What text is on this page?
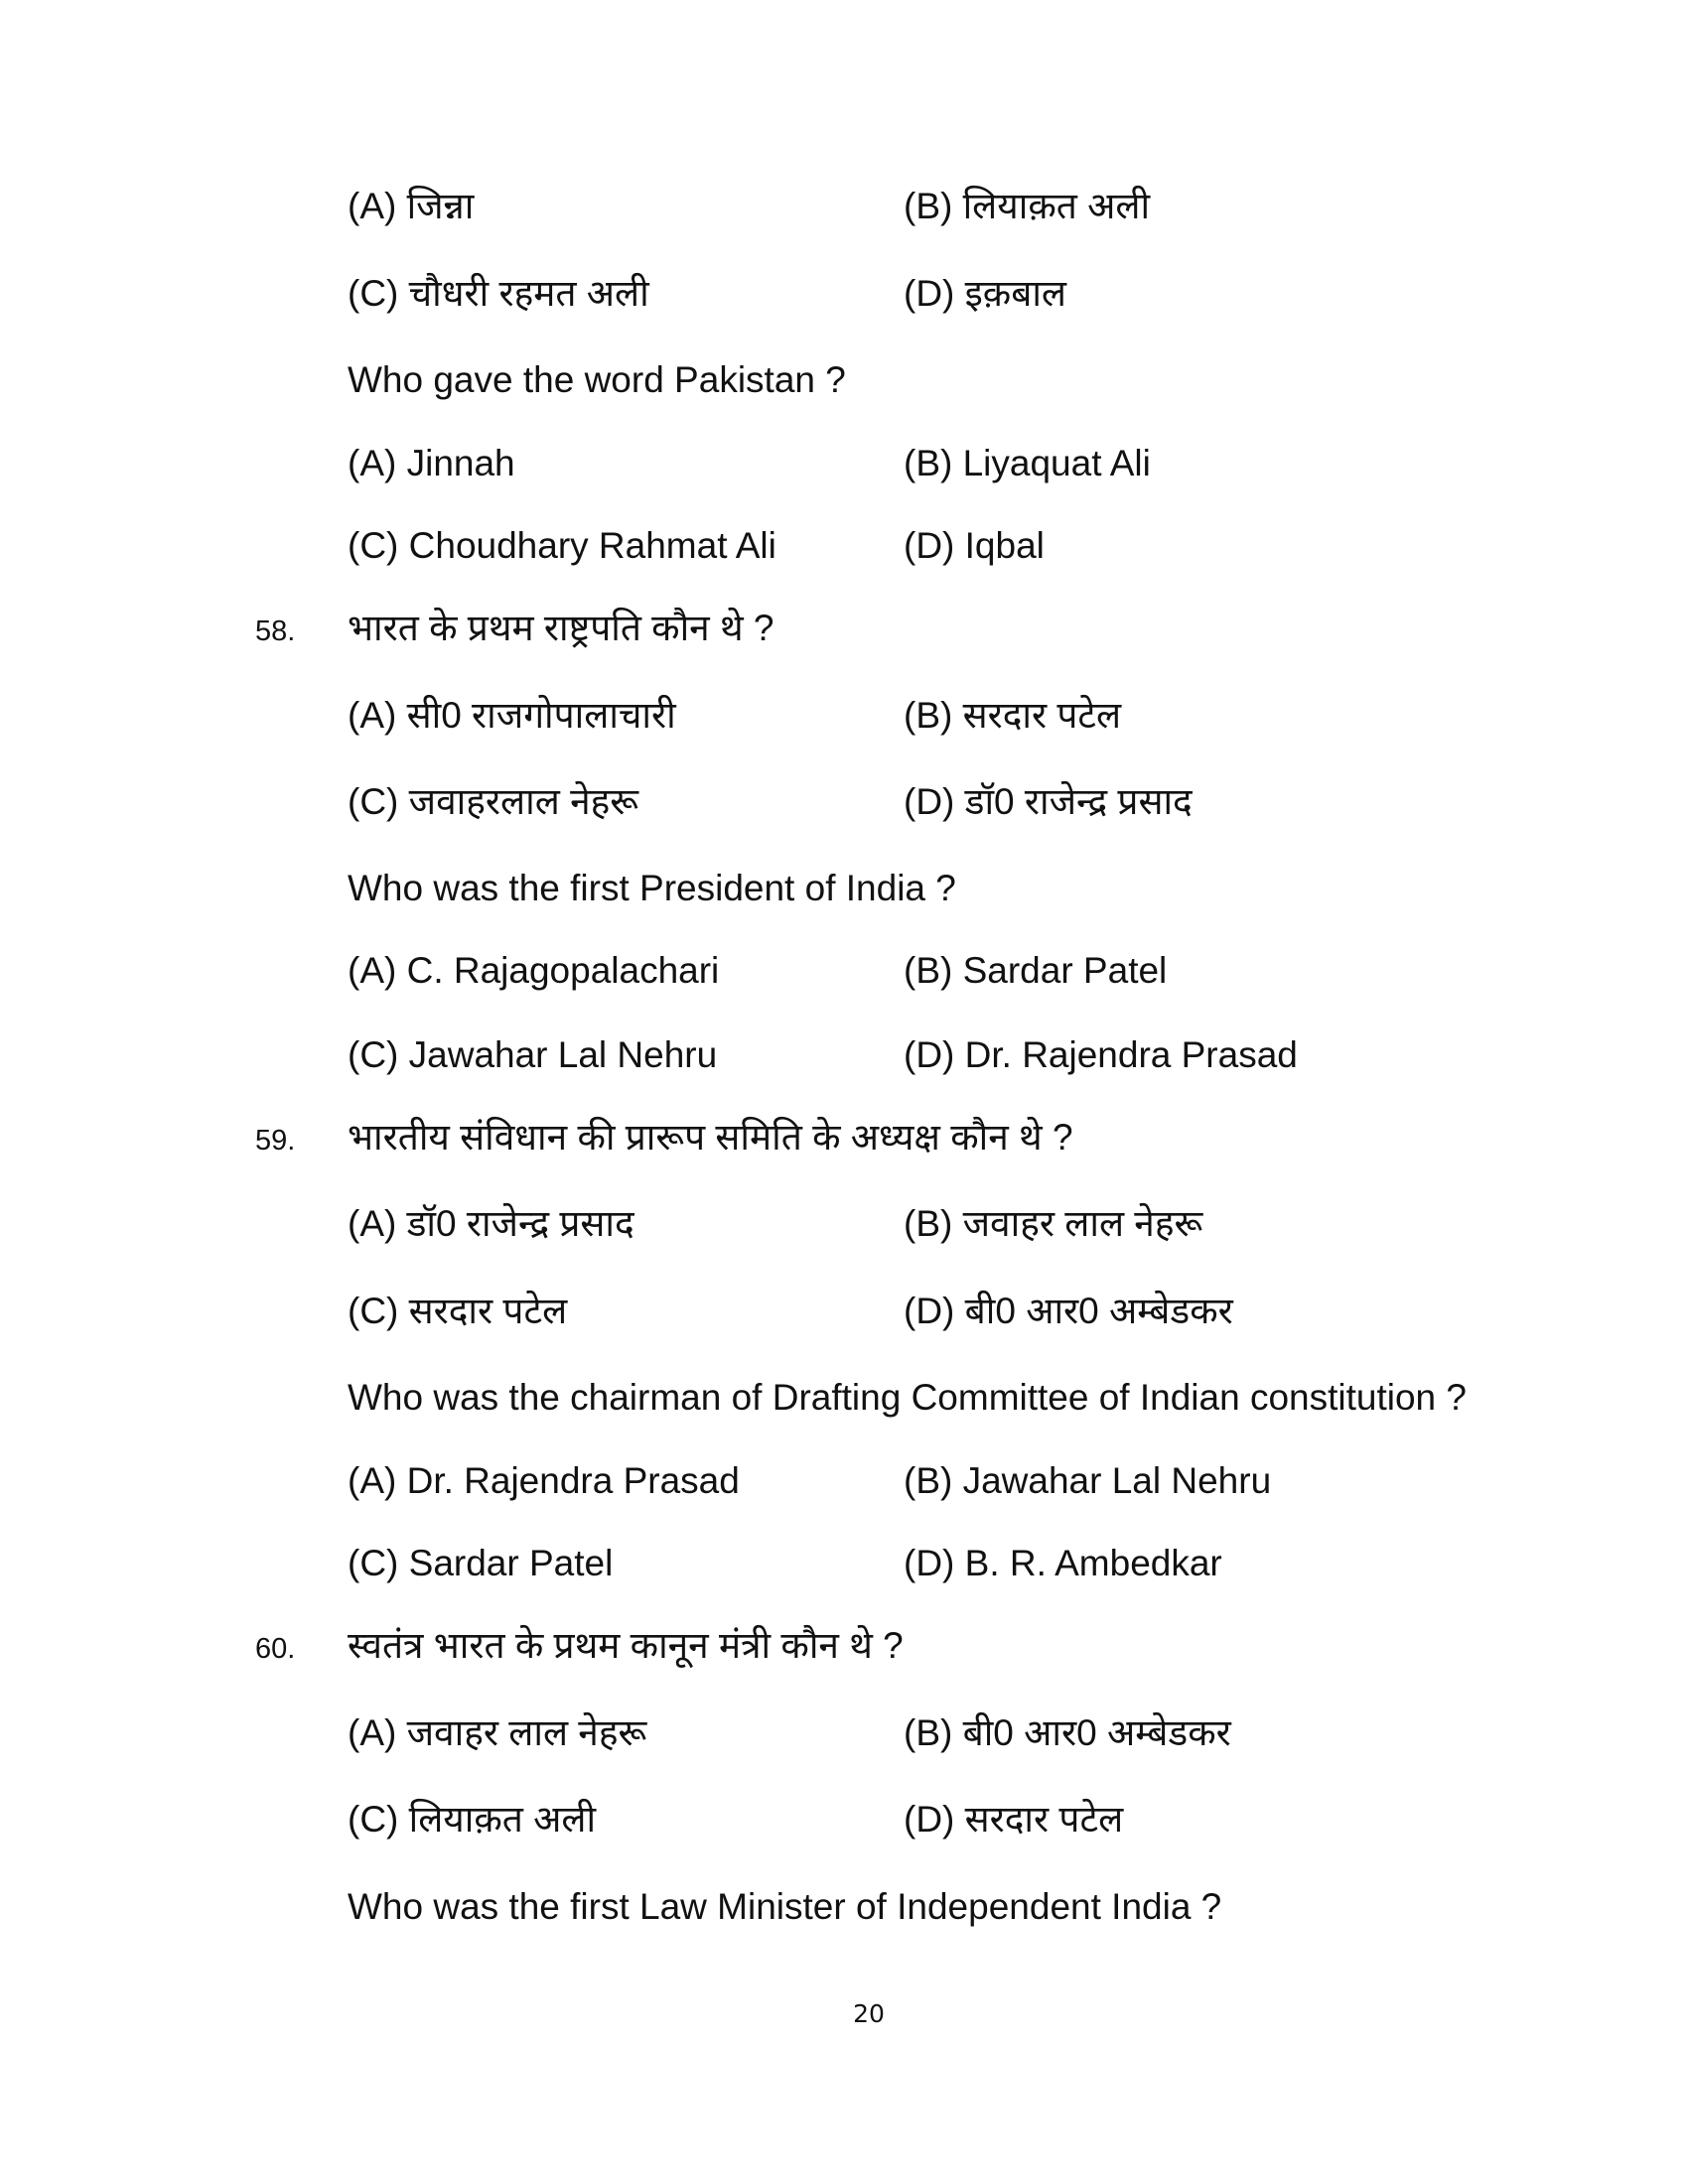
(A) जिन्ना	(B) लियाक़त अली
(C) चौधरी रहमत अली	(D) इक़बाल
Who gave the word Pakistan ?
(A) Jinnah	(B) Liyaquat Ali
(C) Choudhary Rahmat Ali	(D) Iqbal
58. भारत के प्रथम राष्ट्रपति कौन थे ?
(A) सी0 राजगोपालाचारी	(B) सरदार पटेल
(C) जवाहरलाल नेहरू	(D) डॉ0 राजेन्द्र प्रसाद
Who was the first President of India ?
(A) C. Rajagopalachari	(B) Sardar Patel
(C) Jawahar Lal Nehru	(D) Dr. Rajendra Prasad
59. भारतीय संविधान की प्रारूप समिति के अध्यक्ष कौन थे ?
(A) डॉ0 राजेन्द्र प्रसाद	(B) जवाहर लाल नेहरू
(C) सरदार पटेल	(D) बी0 आर0 अम्बेडकर
Who was the chairman of Drafting Committee of Indian constitution ?
(A) Dr. Rajendra Prasad	(B) Jawahar Lal Nehru
(C) Sardar Patel	(D) B. R. Ambedkar
60. स्वतंत्र भारत के प्रथम कानून मंत्री कौन थे ?
(A) जवाहर लाल नेहरू	(B) बी0 आर0 अम्बेडकर
(C) लियाक़त अली	(D) सरदार पटेल
Who was the first Law Minister of Independent India ?
20
